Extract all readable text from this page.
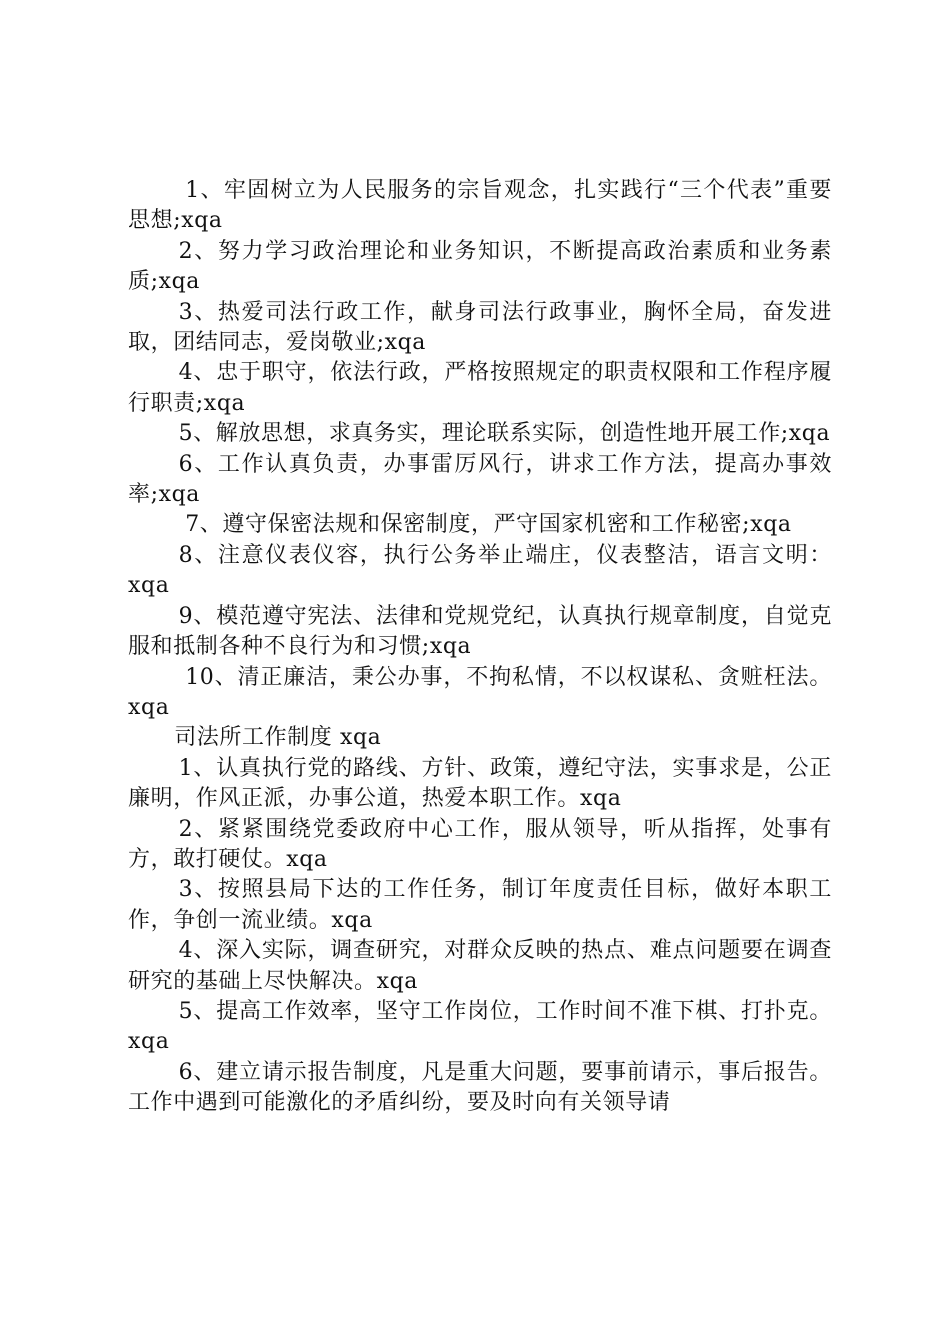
1、牢固树立为人民服务的宗旨观念，扎实践行“三个代表”重要思想;xqa

2、努力学习政治理论和业务知识，不断提高政治素质和业务素质;xqa

3、热爱司法行政工作，献身司法行政事业，胸怀全局，奋发进取，团结同志，爱岗敬业;xqa

4、忠于职守，依法行政，严格按照规定的职责权限和工作程序履行职责;xqa

5、解放思想，求真务实，理论联系实际，创造性地开展工作;xqa

6、工作认真负责，办事雷厉风行，讲求工作方法，提高办事效率;xqa

7、遵守保密法规和保密制度，严守国家机密和工作秘密;xqa

8、注意仪表仪容，执行公务举止端庄，仪表整洁，语言文明：xqa

9、模范遵守宪法、法律和党规党纪，认真执行规章制度，自觉克服和抵制各种不良行为和习惯;xqa

10、清正廉洁，秉公办事，不拘私情，不以权谋私、贪赃枉法。xqa

司法所工作制度 xqa

1、认真执行党的路线、方针、政策，遵纪守法，实事求是，公正廉明，作风正派，办事公道，热爱本职工作。xqa

2、紧紧围绕党委政府中心工作，服从领导，听从指挥，处事有方，敢打硬仗。xqa

3、按照县局下达的工作任务，制订年度责任目标，做好本职工作，争创一流业绩。xqa

4、深入实际，调查研究，对群众反映的热点、难点问题要在调查研究的基础上尽快解决。xqa

5、提高工作效率，坚守工作岗位，工作时间不准下棋、打扑克。xqa

6、建立请示报告制度，凡是重大问题，要事前请示，事后报告。工作中遇到可能激化的矛盾纠纷，要及时向有关领导请
